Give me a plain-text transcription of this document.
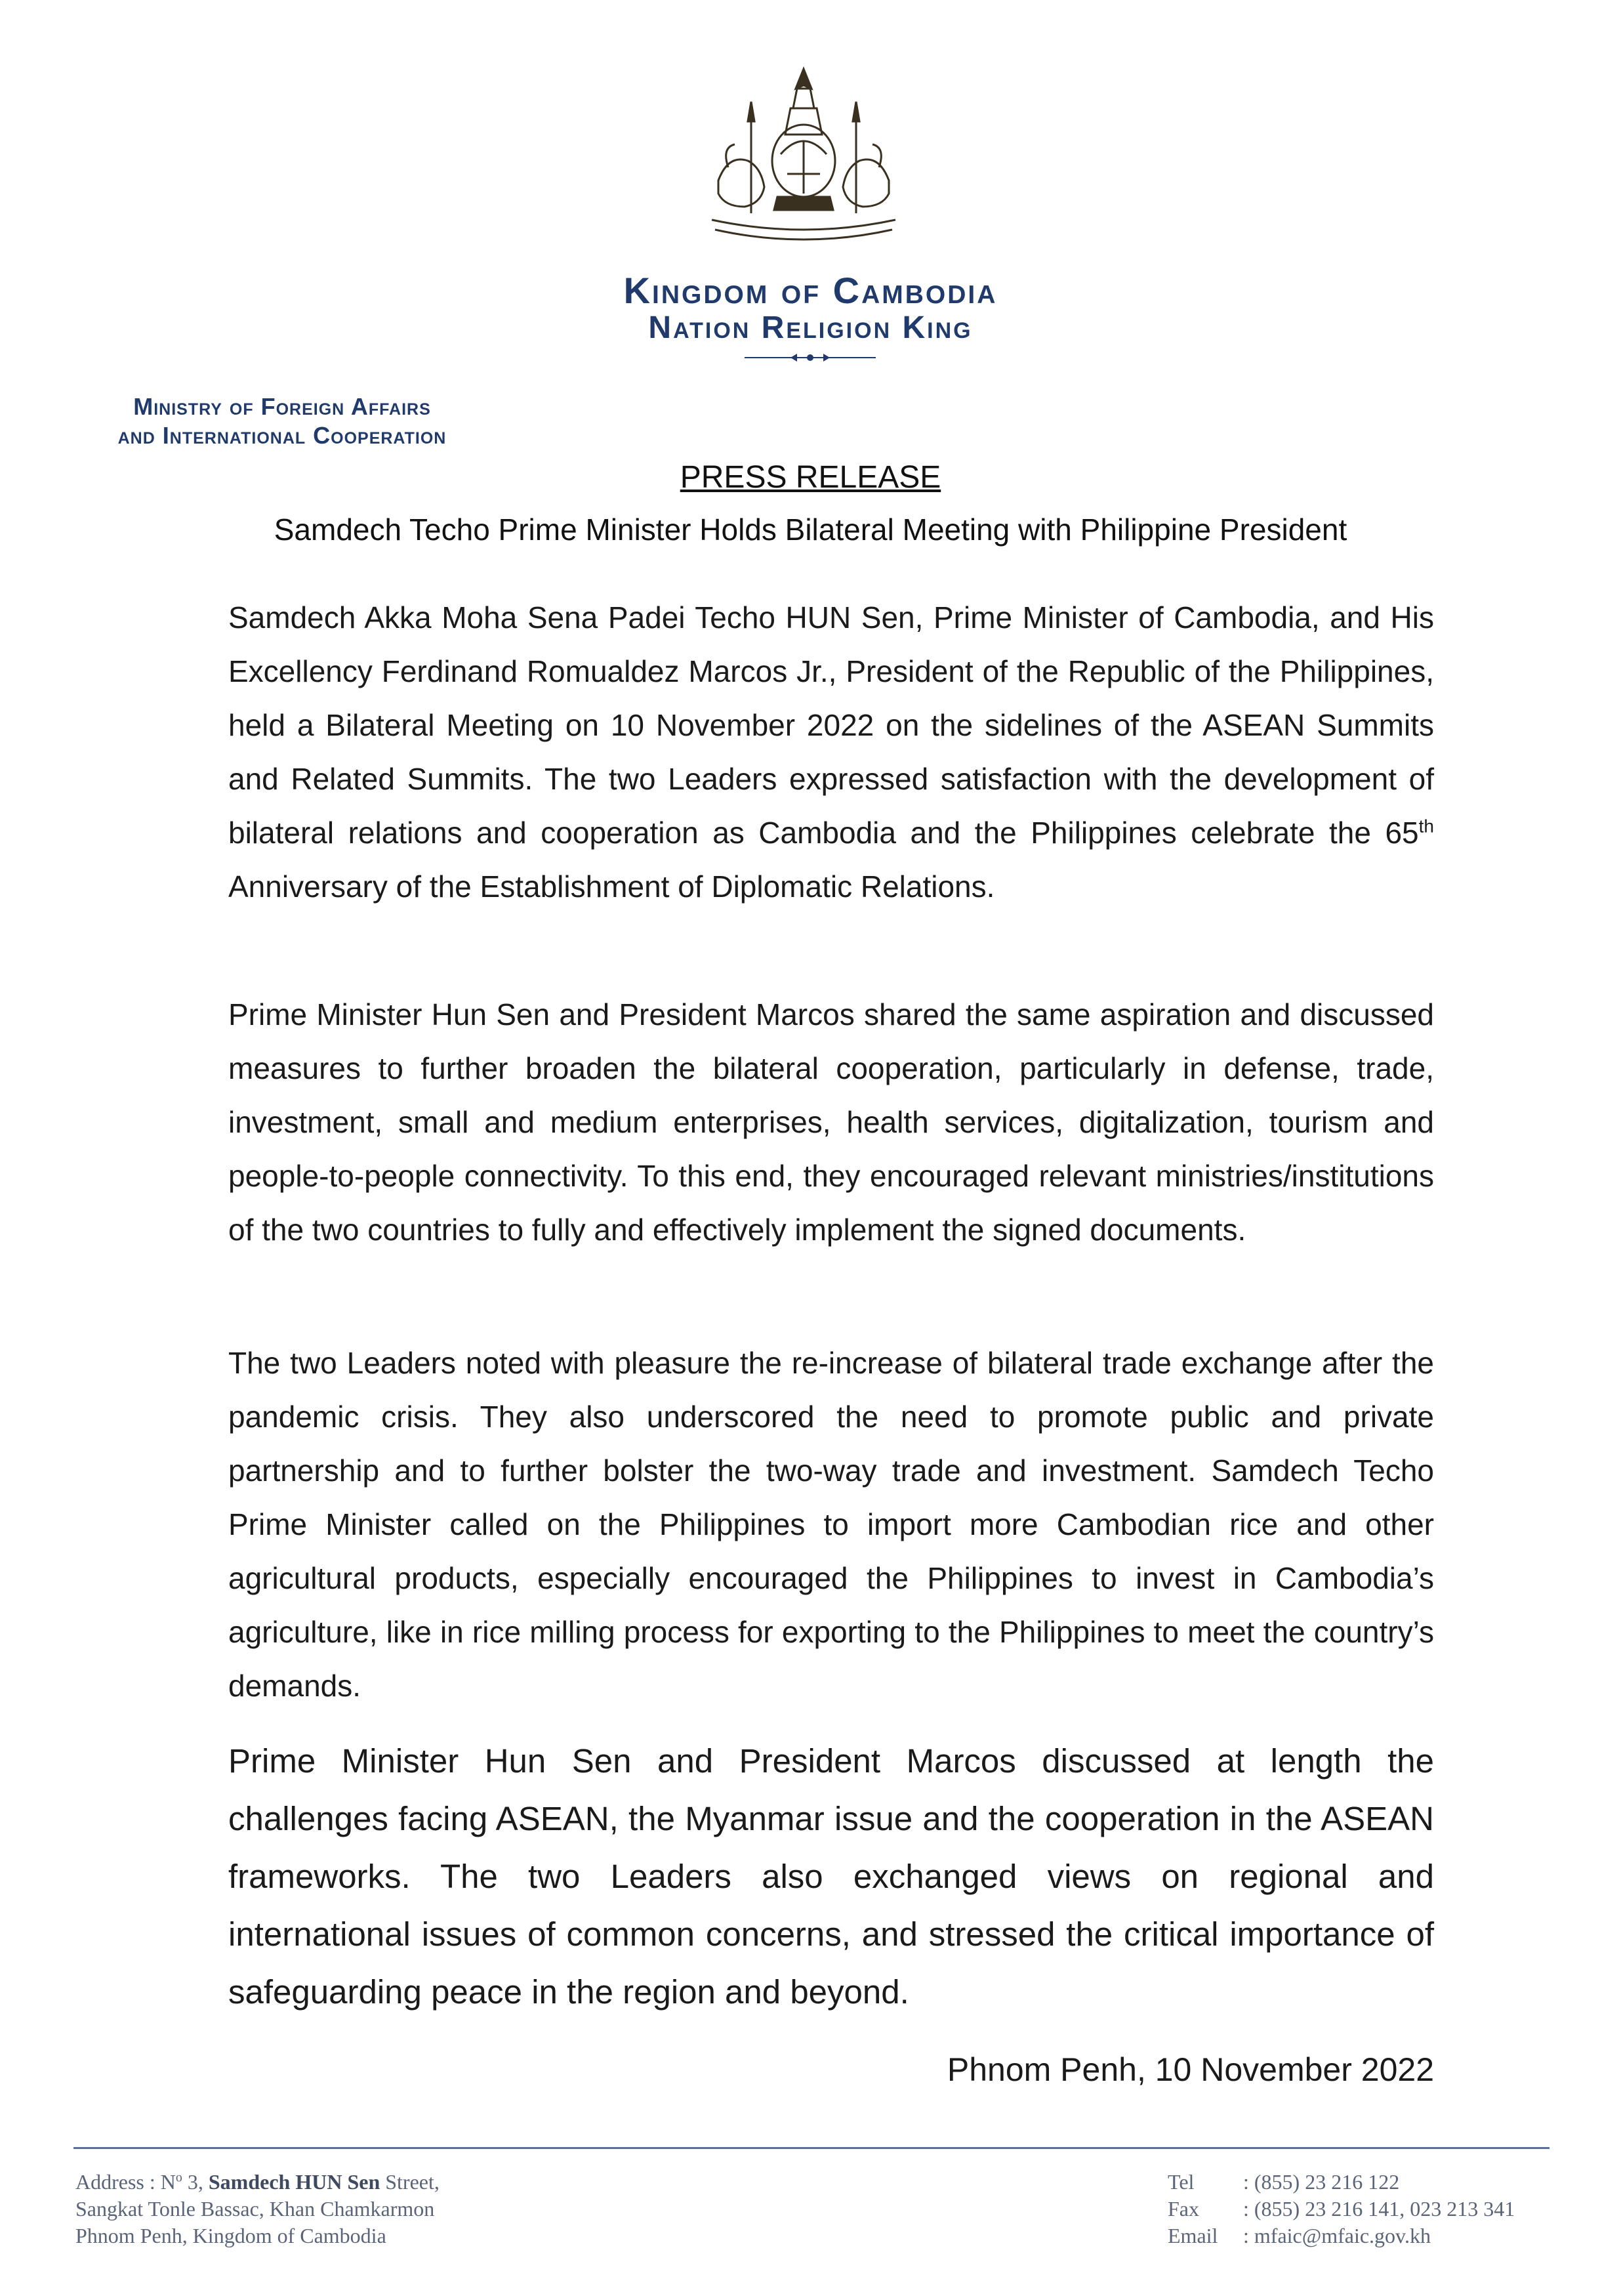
Kingdom of Cambodia
Nation Religion King
Ministry of Foreign Affairs
and International Cooperation
PRESS RELEASE
Samdech Techo Prime Minister Holds Bilateral Meeting with Philippine President

Samdech Akka Moha Sena Padei Techo HUN Sen, Prime Minister of Cambodia, and His Excellency Ferdinand Romualdez Marcos Jr., President of the Republic of the Philippines, held a Bilateral Meeting on 10 November 2022 on the sidelines of the ASEAN Summits and Related Summits. The two Leaders expressed satisfaction with the development of bilateral relations and cooperation as Cambodia and the Philippines celebrate the 65th Anniversary of the Establishment of Diplomatic Relations.

Prime Minister Hun Sen and President Marcos shared the same aspiration and discussed measures to further broaden the bilateral cooperation, particularly in defense, trade, investment, small and medium enterprises, health services, digitalization, tourism and people-to-people connectivity. To this end, they encouraged relevant ministries/institutions of the two countries to fully and effectively implement the signed documents.

The two Leaders noted with pleasure the re-increase of bilateral trade exchange after the pandemic crisis. They also underscored the need to promote public and private partnership and to further bolster the two-way trade and investment. Samdech Techo Prime Minister called on the Philippines to import more Cambodian rice and other agricultural products, especially encouraged the Philippines to invest in Cambodia’s agriculture, like in rice milling process for exporting to the Philippines to meet the country’s demands.

Prime Minister Hun Sen and President Marcos discussed at length the challenges facing ASEAN, the Myanmar issue and the cooperation in the ASEAN frameworks. The two Leaders also exchanged views on regional and international issues of common concerns, and stressed the critical importance of safeguarding peace in the region and beyond.

Phnom Penh, 10 November 2022
Address : $N^o$ 3, Samdech HUN Sen Street,
Sangkat Tonle Bassac, Khan Chamkarmon
Phnom Penh, Kingdom of Cambodia
Tel : (855) 23 216 122
Fax : (855) 23 216 141, 023 213 341
Email : mfaic@mfaic.gov.kh
